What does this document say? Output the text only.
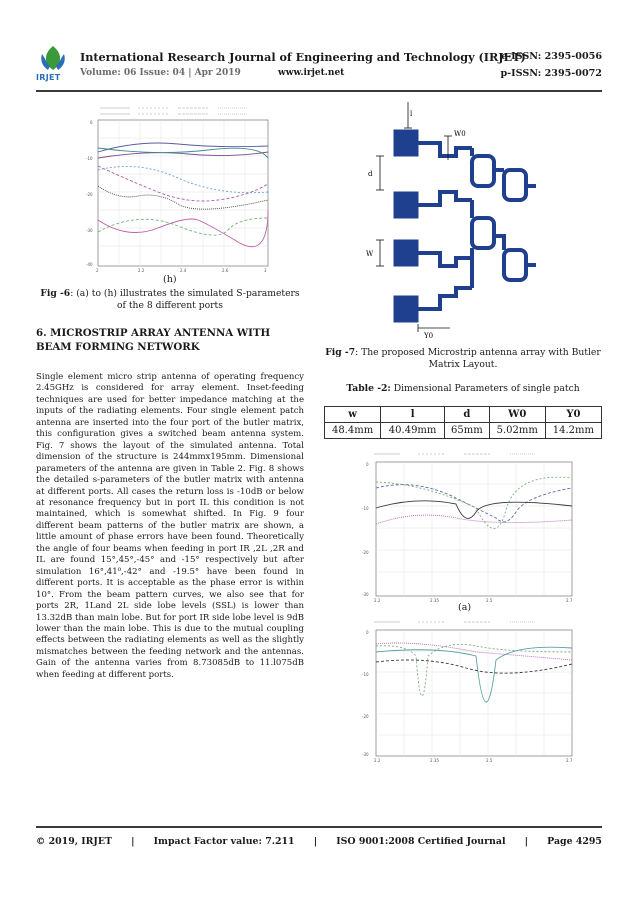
IRJET
International Research Journal of Engineering and Technology (IRJET)
e-ISSN: 2395-0056
Volume: 06 Issue: 04 | Apr 2019	www.irjet.net	p-ISSN: 2395-0072
0
-10
-20
-30
-40
2	2.2	2.4	2.6	3
(h)
Fig -6: (a) to (h) illustrates the simulated S-parameters of the 8 different ports
6. MICROSTRIP ARRAY ANTENNA WITH BEAM FORMING NETWORK
Single element micro strip antenna of operating frequency 2.45GHz is considered for array element. Inset-feeding techniques are used for better impedance matching at the inputs of the radiating elements. Four single element patch antenna are inserted into the four port of the butler matrix, this configuration gives a switched beam antenna system. Fig. 7 shows the layout of the simulated antenna. Total dimension of the structure is 244mmx195mm. Dimensional parameters of the antenna are given in Table 2. Fig. 8 shows the detailed s-parameters of the butler matrix with antenna at different ports. All cases the return loss is -10dB or below at resonance frequency but in port IL this condition is not maintained, which is somewhat shifted. In Fig. 9 four different beam patterns of the butler matrix are shown, a little amount of phase errors have been found. Theoretically the angle of four beams when feeding in port IR ,2L ,2R and IL are found 15°,45°,-45° and -15° respectively but after simulation 16°,41⁰,-42° and -19.5° have been found in different ports. It is acceptable as the phase error is within 10°. From the beam pattern curves, we also see that for ports 2R, 1Land 2L side lobe levels (SSL) is lower than 13.32dB than main lobe. But for port IR side lobe level is 9dB lower than the main lobe. This is due to the mutual coupling effects between the radiating elements as well as the slightly mismatches between the feeding network and the antennas. Gain of the antenna varies from 8.73085dB to 11.l075dB when feeding at different ports.
l
W0
d
W
Y0
Fig -7: The proposed Microstrip antenna array with Butler Matrix Layout.
Table -2: Dimensional Parameters of single patch
w	l	d	W0	Y0
48.4mm	40.49mm	65mm	5.02mm	14.2mm
0
-10
-20
-30
2.2	2.35	2.5	2.7
(a)
0
-10
-20
-30
2.2	2.35	2.5	2.7
© 2019, IRJET | Impact Factor value: 7.211 | ISO 9001:2008 Certified Journal | Page 4295
